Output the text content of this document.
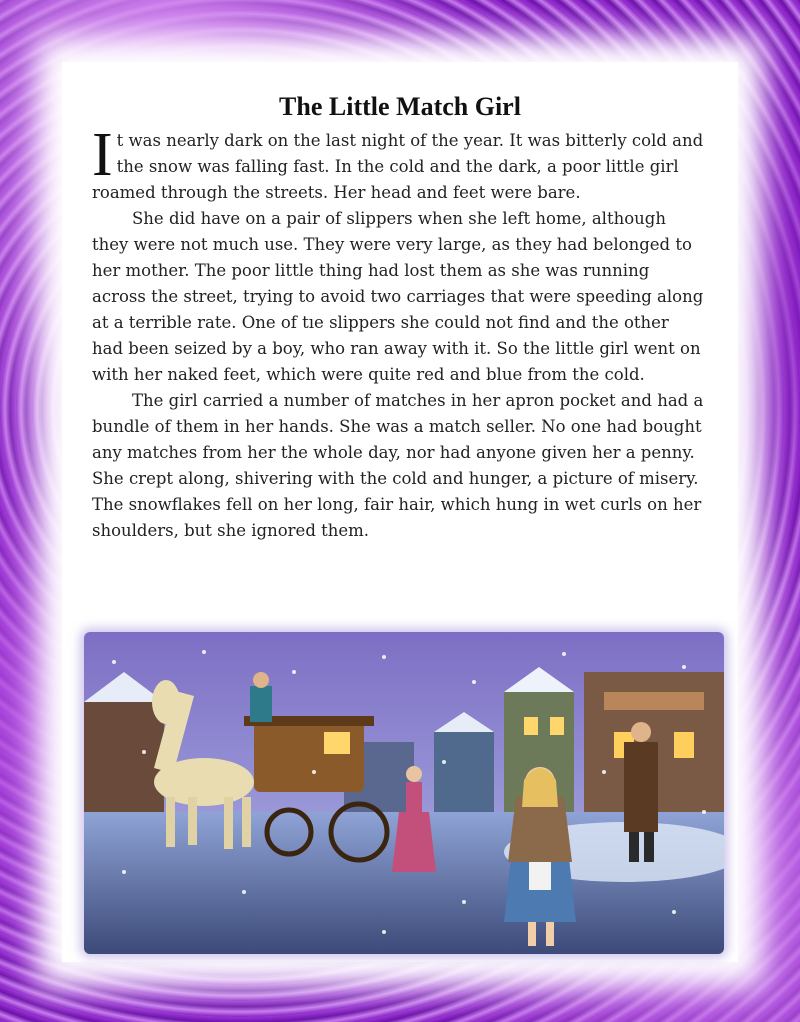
The Little Match Girl

It was nearly dark on the last night of the year. It was bitterly cold and the snow was falling fast. In the cold and the dark, a poor little girl roamed through the streets. Her head and feet were bare.

She did have on a pair of slippers when she left home, although they were not much use. They were very large, as they had belonged to her mother. The poor little thing had lost them as she was running across the street, trying to avoid two carriages that were speeding along at a terrible rate. One of tıe slippers she could not find and the other had been seized by a boy, who ran away with it. So the little girl went on with her naked feet, which were quite red and blue from the cold.

The girl carried a number of matches in her apron pocket and had a bundle of them in her hands. She was a match seller. No one had bought any matches from her the whole day, nor had anyone given her a penny. She crept along, shivering with the cold and hunger, a picture of misery. The snowflakes fell on her long, fair hair, which hung in wet curls on her shoulders, but she ignored them.
